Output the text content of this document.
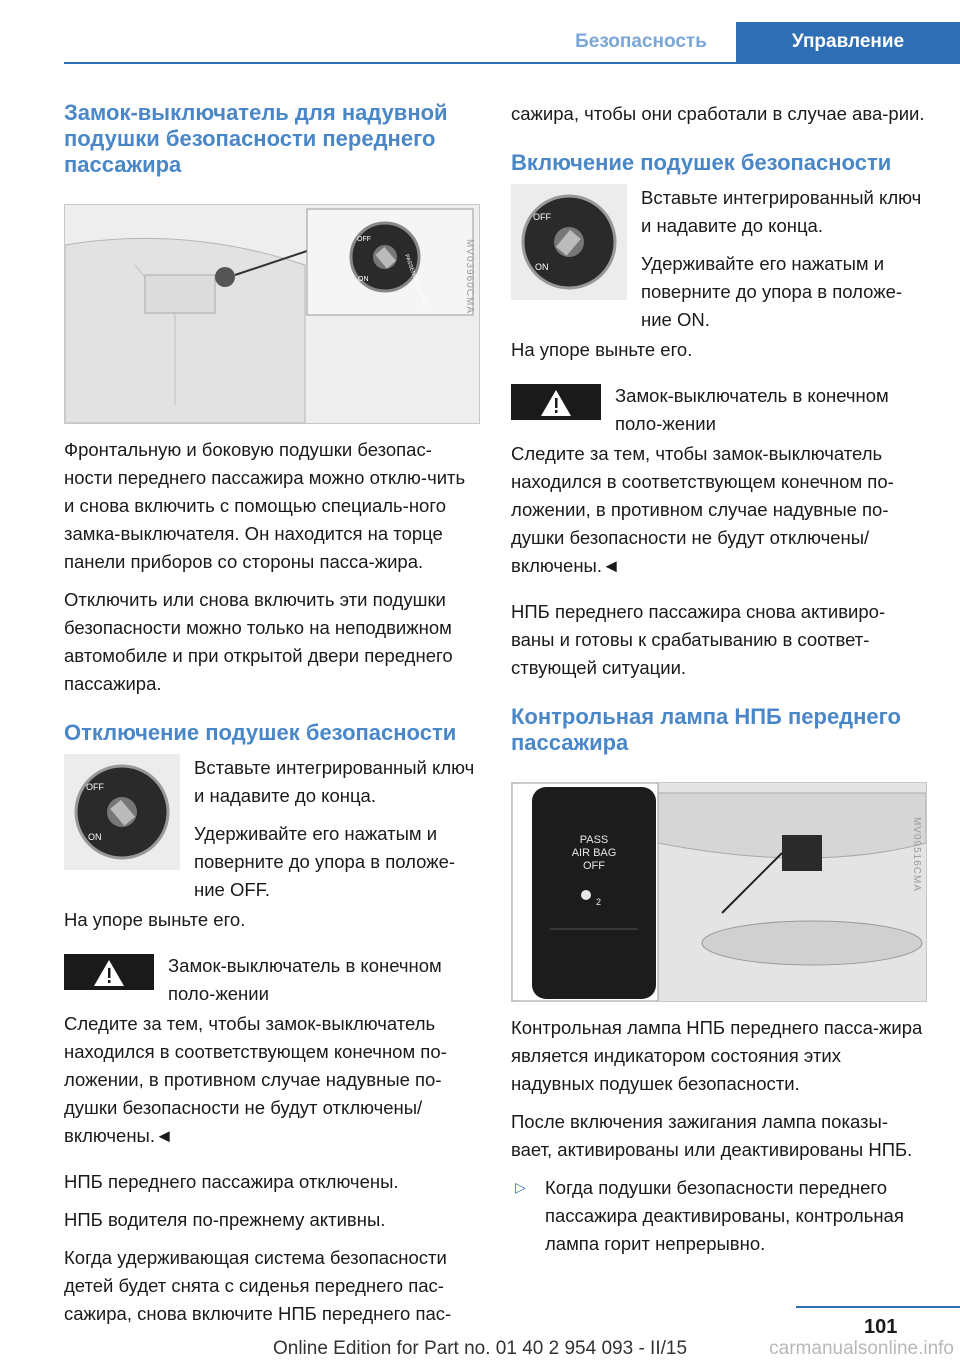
Безопасность	Управление
Замок-выключатель для надувной подушки безопасности переднего пассажира
OFF
ON	PASSENGER AIRBAG	MV03960CMA

Фронтальную и боковую подушки безопас-ности переднего пассажира можно отклю-чить и снова включить с помощью специаль-ного замка-выключателя. Он находится на торце панели приборов со стороны пасса-жира.

Отключить или снова включить эти подушки безопасности можно только на неподвижном автомобиле и при открытой двери переднего пассажира.

Отключение подушек безопасности
OFF
ON

Вставьте интегрированный ключ и надавите до конца.

Удерживайте его нажатым и поверните до упора в положе-ние OFF.

На упоре выньте его.

Замок-выключатель в конечном поло-жении

Следите за тем, чтобы замок-выключатель находился в соответствующем конечном по-ложении, в противном случае надувные по-душки безопасности не будут отключены/ включены.◄

НПБ переднего пассажира отключены.

НПБ водителя по-прежнему активны.

Когда удерживающая система безопасности детей будет снята с сиденья переднего пас-сажира, снова включите НПБ переднего пас-

сажира, чтобы они сработали в случае ава-рии.

Включение подушек безопасности
OFF
ON

Вставьте интегрированный ключ и надавите до конца.

Удерживайте его нажатым и поверните до упора в положе-ние ON.

На упоре выньте его.

Замок-выключатель в конечном поло-жении

Следите за тем, чтобы замок-выключатель находился в соответствующем конечном по-ложении, в противном случае надувные по-душки безопасности не будут отключены/ включены.◄

НПБ переднего пассажира снова активиро-ваны и готовы к срабатыванию в соответ-ствующей ситуации.

Контрольная лампа НПБ переднего пассажира
PASS
AIR BAG
OFF
2
MV09516CMA

Контрольная лампа НПБ переднего пасса-жира является индикатором состояния этих надувных подушек безопасности.

После включения зажигания лампа показы-вает, активированы или деактивированы НПБ.

▷	Когда подушки безопасности переднего пассажира деактивированы, контрольная лампа горит непрерывно.

101
Online Edition for Part no. 01 40 2 954 093 - II/15	carmanualsonline.info
